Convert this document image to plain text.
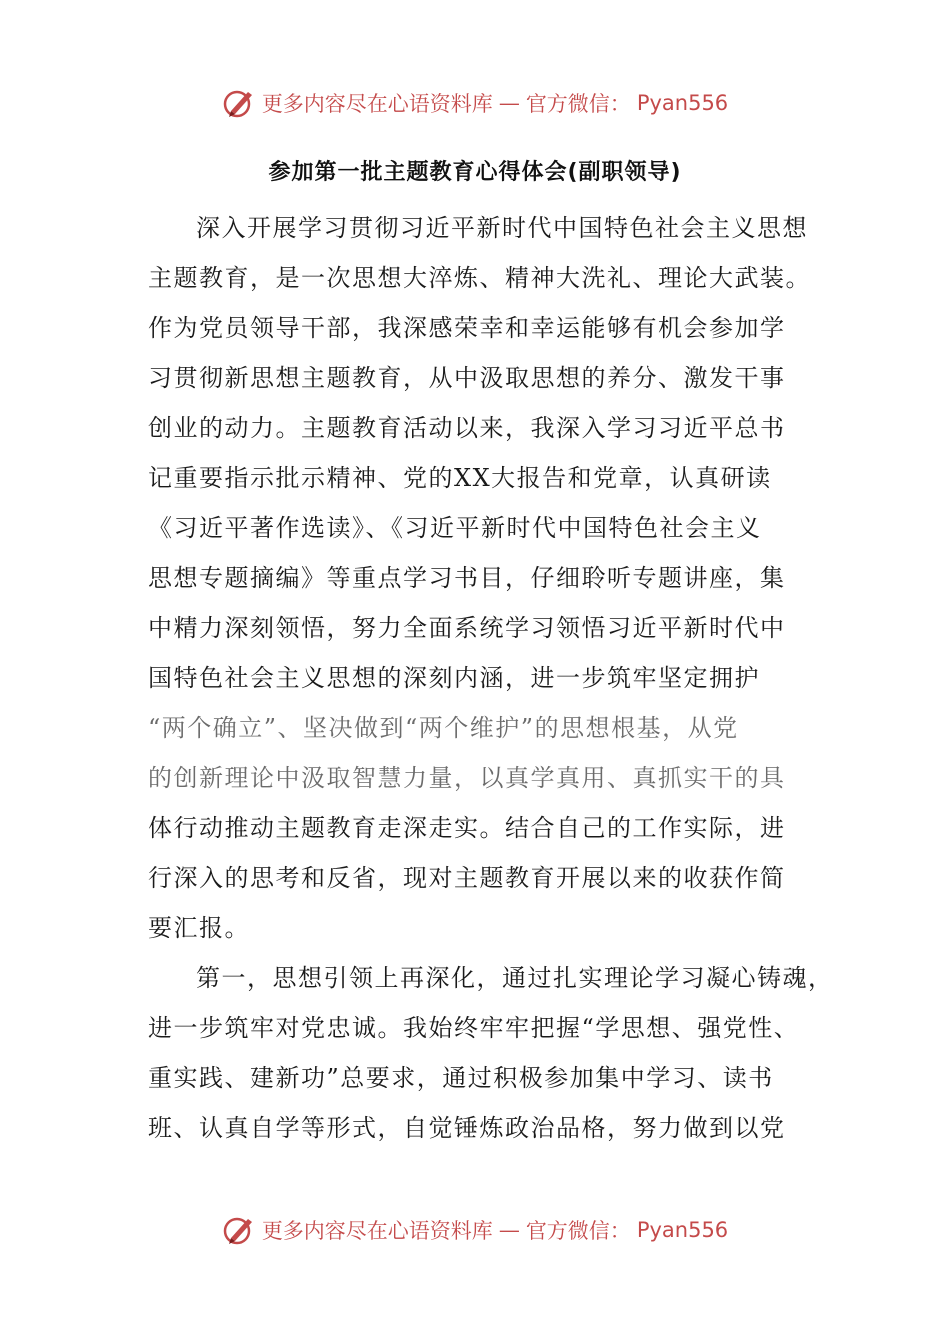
更多内容尽在心语资料库 — 官方微信： Pyan556
参加第一批主题教育心得体会(副职领导)

深入开展学习贯彻习近平新时代中国特色社会主义思想
主题教育，是一次思想大淬炼、精神大洗礼、理论大武装。
作为党员领导干部，我深感荣幸和幸运能够有机会参加学
习贯彻新思想主题教育，从中汲取思想的养分、激发干事
创业的动力。主题教育活动以来，我深入学习习近平总书
记重要指示批示精神、党的XX大报告和党章，认真研读
《习近平著作选读》、《习近平新时代中国特色社会主义
思想专题摘编》等重点学习书目，仔细聆听专题讲座，集
中精力深刻领悟，努力全面系统学习领悟习近平新时代中
国特色社会主义思想的深刻内涵，进一步筑牢坚定拥护
“两个确立”、坚决做到“两个维护”的思想根基，从党
的创新理论中汲取智慧力量，以真学真用、真抓实干的具
体行动推动主题教育走深走实。结合自己的工作实际，进
行深入的思考和反省，现对主题教育开展以来的收获作简
要汇报。

第一，思想引领上再深化，通过扎实理论学习凝心铸魂，
进一步筑牢对党忠诚。我始终牢牢把握“学思想、强党性、
重实践、建新功”总要求，通过积极参加集中学习、读书
班、认真自学等形式，自觉锤炼政治品格，努力做到以党

更多内容尽在心语资料库 — 官方微信： Pyan556
